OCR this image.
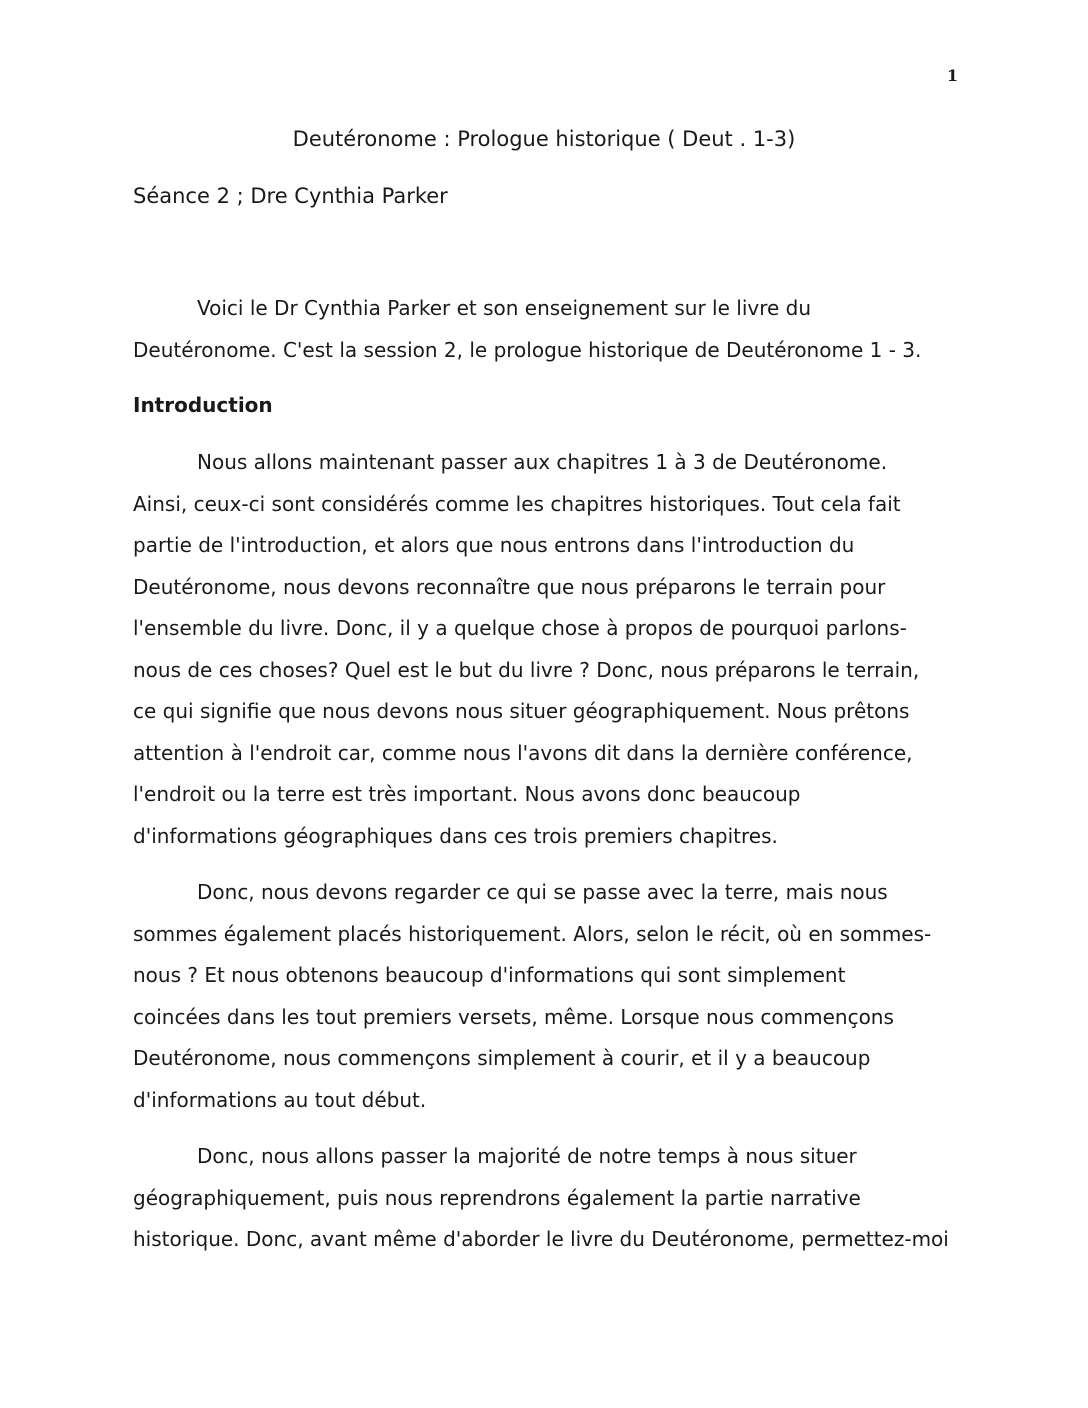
1
Deutéronome : Prologue historique ( Deut . 1-3)
Séance 2 ; Dre Cynthia Parker

Voici le Dr Cynthia Parker et son enseignement sur le livre du
Deutéronome. C'est la session 2, le prologue historique de Deutéronome 1 - 3.

Introduction

Nous allons maintenant passer aux chapitres 1 à 3 de Deutéronome.
Ainsi, ceux-ci sont considérés comme les chapitres historiques. Tout cela fait
partie de l'introduction, et alors que nous entrons dans l'introduction du
Deutéronome, nous devons reconnaître que nous préparons le terrain pour
l'ensemble du livre. Donc, il y a quelque chose à propos de pourquoi parlons-
nous de ces choses? Quel est le but du livre ? Donc, nous préparons le terrain,
ce qui signifie que nous devons nous situer géographiquement. Nous prêtons
attention à l'endroit car, comme nous l'avons dit dans la dernière conférence,
l'endroit ou la terre est très important. Nous avons donc beaucoup
d'informations géographiques dans ces trois premiers chapitres.

Donc, nous devons regarder ce qui se passe avec la terre, mais nous
sommes également placés historiquement. Alors, selon le récit, où en sommes-
nous ? Et nous obtenons beaucoup d'informations qui sont simplement
coincées dans les tout premiers versets, même. Lorsque nous commençons
Deutéronome, nous commençons simplement à courir, et il y a beaucoup
d'informations au tout début.

Donc, nous allons passer la majorité de notre temps à nous situer
géographiquement, puis nous reprendrons également la partie narrative
historique. Donc, avant même d'aborder le livre du Deutéronome, permettez-moi
